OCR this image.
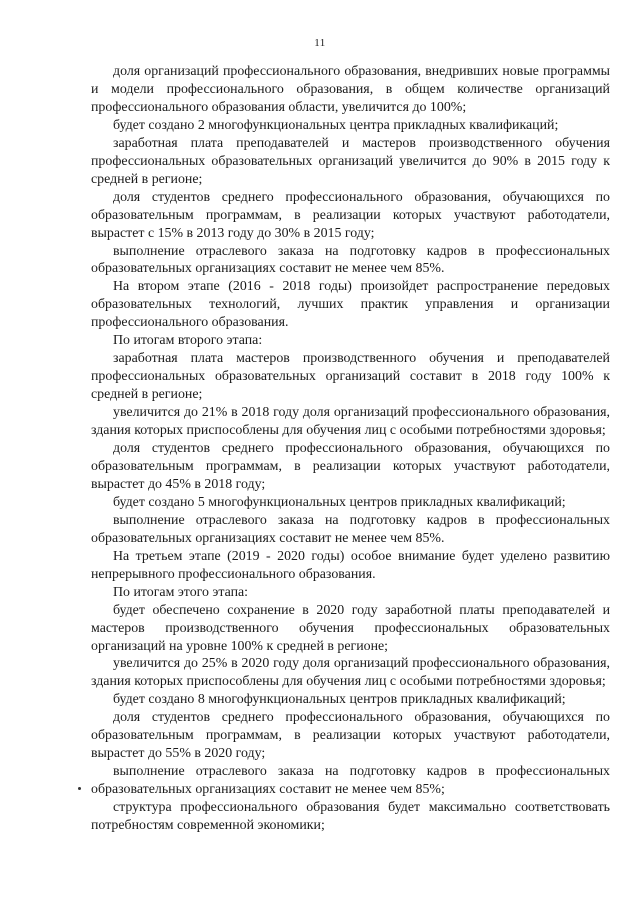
11

доля организаций профессионального образования, внедривших новые программы и модели профессионального образования, в общем количестве организаций профессионального образования области, увеличится до 100%;

будет создано 2 многофункциональных центра прикладных квалификаций;

заработная плата преподавателей и мастеров производственного обучения профессиональных образовательных организаций увеличится до 90% в 2015 году к средней в регионе;

доля студентов среднего профессионального образования, обучающихся по образовательным программам, в реализации которых участвуют работодатели, вырастет с 15% в 2013 году до 30% в 2015 году;

выполнение отраслевого заказа на подготовку кадров в профессиональных образовательных организациях составит не менее чем 85%.

На втором этапе (2016 - 2018 годы) произойдет распространение передовых образовательных технологий, лучших практик управления и организации профессионального образования.

По итогам второго этапа:

заработная плата мастеров производственного обучения и преподавателей профессиональных образовательных организаций составит в 2018 году 100% к средней в регионе;

увеличится до 21% в 2018 году доля организаций профессионального образования, здания которых приспособлены для обучения лиц с особыми потребностями здоровья;

доля студентов среднего профессионального образования, обучающихся по образовательным программам, в реализации которых участвуют работодатели, вырастет до 45% в 2018 году;

будет создано 5 многофункциональных центров прикладных квалификаций;

выполнение отраслевого заказа на подготовку кадров в профессиональных образовательных организациях составит не менее чем 85%.

На третьем этапе (2019 - 2020 годы) особое внимание будет уделено развитию непрерывного профессионального образования.

По итогам этого этапа:

будет обеспечено сохранение в 2020 году заработной платы преподавателей и мастеров производственного обучения профессиональных образовательных организаций на уровне 100% к средней в регионе;

увеличится до 25% в 2020 году доля организаций профессионального образования, здания которых приспособлены для обучения лиц с особыми потребностями здоровья;

будет создано 8 многофункциональных центров прикладных квалификаций;

доля студентов среднего профессионального образования, обучающихся по образовательным программам, в реализации которых участвуют работодатели, вырастет до 55% в 2020 году;

выполнение отраслевого заказа на подготовку кадров в профессиональных образовательных организациях составит не менее чем 85%;

структура профессионального образования будет максимально соответствовать потребностям современной экономики;
